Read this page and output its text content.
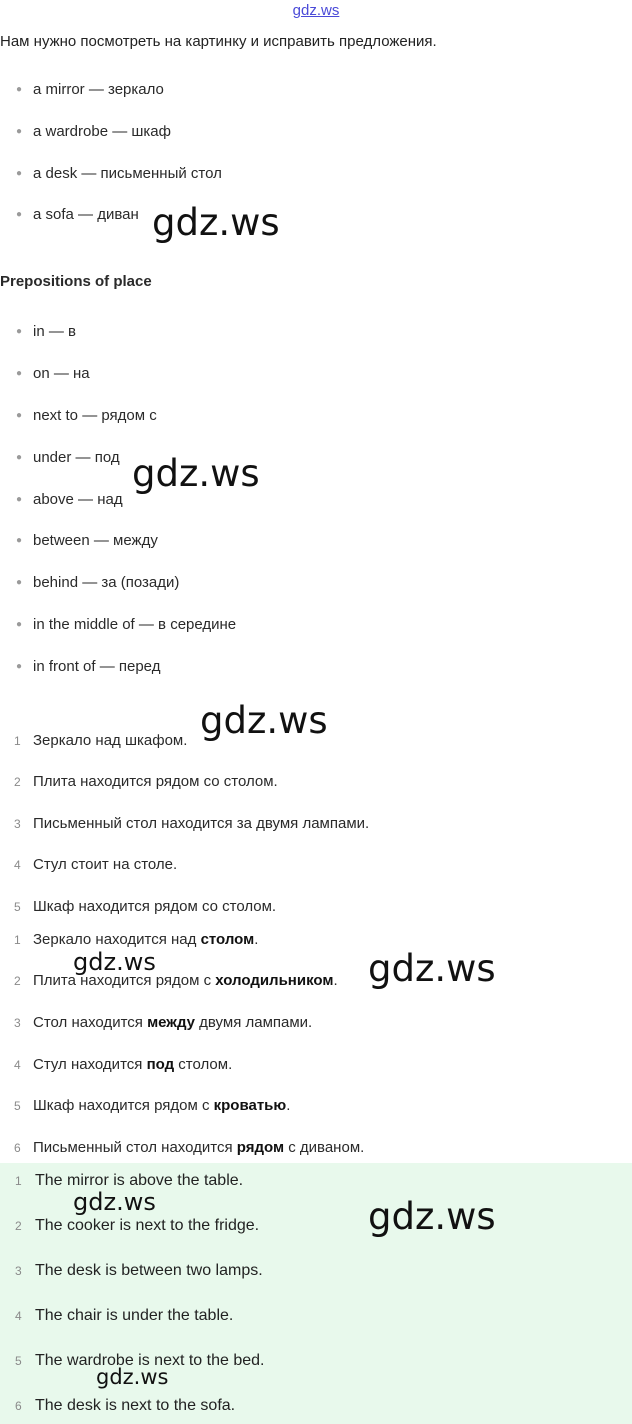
gdz.ws
Нам нужно посмотреть на картинку и исправить предложения.
● a mirror — зеркало
● a wardrobe — шкаф
● a desk — письменный стол
● a sofa — диван
Prepositions of place
● in — в
● on — на
● next to — рядом с
● under — под
● above — над
● between — между
● behind — за (позади)
● in the middle of — в середине
● in front of — перед
1 Зеркало над шкафом.
2 Плита находится рядом со столом.
3 Письменный стол находится за двумя лампами.
4 Стул стоит на столе.
5 Шкаф находится рядом со столом.
1 Зеркало находится над столом.
2 Плита находится рядом с холодильником.
3 Стол находится между двумя лампами.
4 Стул находится под столом.
5 Шкаф находится рядом с кроватью.
6 Письменный стол находится рядом с диваном.
1 The mirror is above the table.
2 The cooker is next to the fridge.
3 The desk is between two lamps.
4 The chair is under the table.
5 The wardrobe is next to the bed.
6 The desk is next to the sofa.
gdz.ws
gdz.ws
gdz.ws
gdz.ws	gdz.ws
gdz.ws	gdz.ws
gdz.ws
